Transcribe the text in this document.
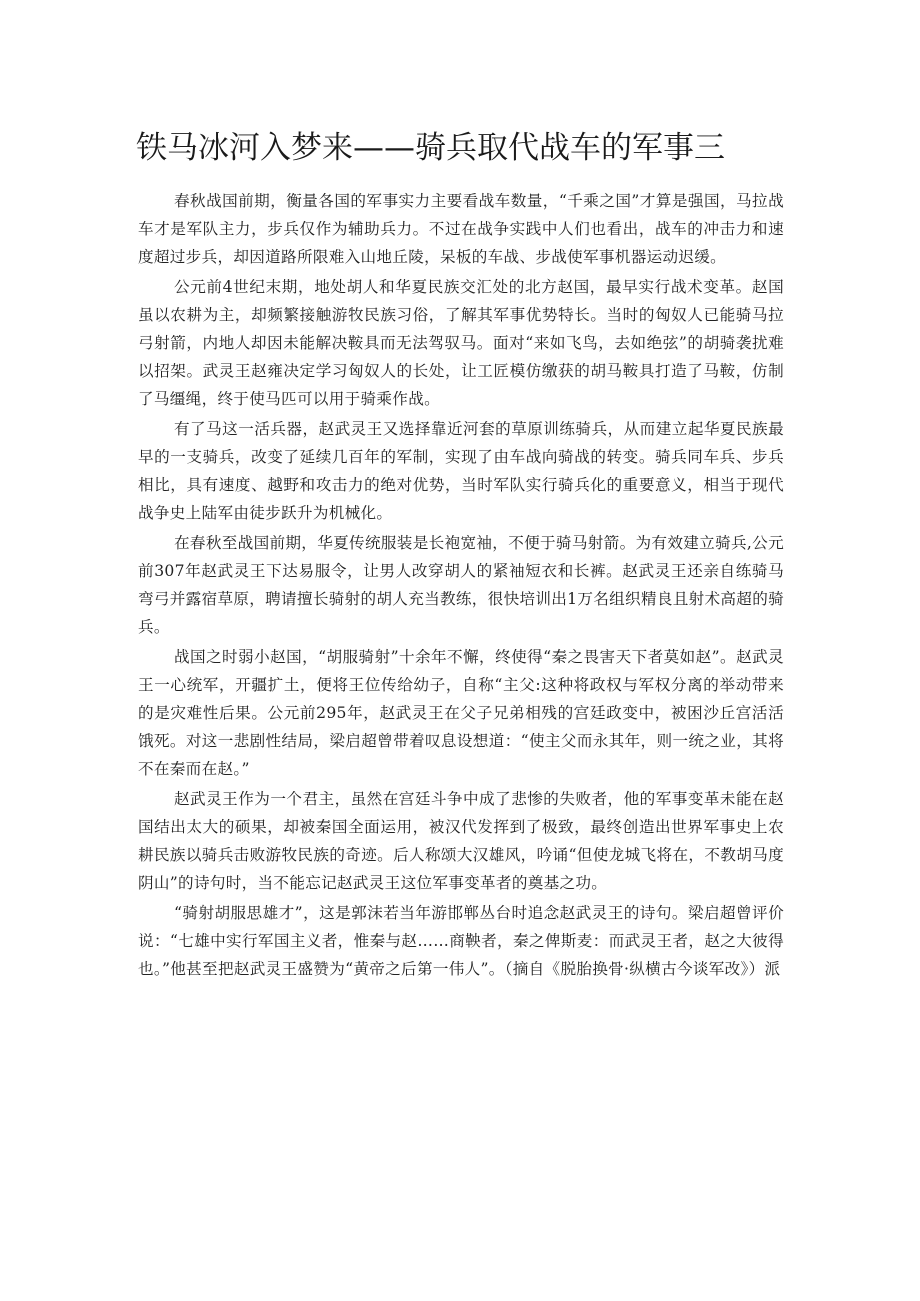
铁马冰河入梦来——骑兵取代战车的军事三

春秋战国前期，衡量各国的军事实力主要看战车数量，“千乘之国”才算是强国，马拉战车才是军队主力，步兵仅作为辅助兵力。不过在战争实践中人们也看出，战车的冲击力和速度超过步兵，却因道路所限难入山地丘陵，呆板的车战、步战使军事机器运动迟缓。

公元前4世纪末期，地处胡人和华夏民族交汇处的北方赵国，最早实行战术变革。赵国虽以农耕为主，却频繁接触游牧民族习俗，了解其军事优势特长。当时的匈奴人已能骑马拉弓射箭，内地人却因未能解决鞍具而无法驾驭马。面对“来如飞鸟，去如绝弦”的胡骑袭扰难以招架。武灵王赵雍决定学习匈奴人的长处，让工匠模仿缴获的胡马鞍具打造了马鞍，仿制了马缰绳，终于使马匹可以用于骑乘作战。

有了马这一活兵器，赵武灵王又选择靠近河套的草原训练骑兵，从而建立起华夏民族最早的一支骑兵，改变了延续几百年的军制，实现了由车战向骑战的转变。骑兵同车兵、步兵相比，具有速度、越野和攻击力的绝对优势，当时军队实行骑兵化的重要意义，相当于现代战争史上陆军由徒步跃升为机械化。

在春秋至战国前期，华夏传统服装是长袍宽袖，不便于骑马射箭。为有效建立骑兵,公元前307年赵武灵王下达易服令，让男人改穿胡人的紧袖短衣和长裤。赵武灵王还亲自练骑马弯弓并露宿草原，聘请擅长骑射的胡人充当教练，很快培训出1万名组织精良且射术高超的骑兵。

战国之时弱小赵国，“胡服骑射”十余年不懈，终使得“秦之畏害天下者莫如赵”。赵武灵王一心统军，开疆扩土，便将王位传给幼子，自称“主父:这种将政权与军权分离的举动带来的是灾难性后果。公元前295年，赵武灵王在父子兄弟相残的宫廷政变中，被困沙丘宫活活饿死。对这一悲剧性结局，梁启超曾带着叹息设想道：“使主父而永其年，则一统之业，其将不在秦而在赵。”

赵武灵王作为一个君主，虽然在宫廷斗争中成了悲惨的失败者，他的军事变革未能在赵国结出太大的硕果，却被秦国全面运用，被汉代发挥到了极致，最终创造出世界军事史上农耕民族以骑兵击败游牧民族的奇迹。后人称颂大汉雄风，吟诵“但使龙城飞将在，不教胡马度阴山”的诗句时，当不能忘记赵武灵王这位军事变革者的奠基之功。

“骑射胡服思雄才”，这是郭沫若当年游邯郸丛台时追念赵武灵王的诗句。梁启超曾评价说：“七雄中实行军国主义者，惟秦与赵……商鞅者，秦之俾斯麦：而武灵王者，赵之大彼得也。”他甚至把赵武灵王盛赞为“黄帝之后第一伟人”。（摘自《脱胎换骨·纵横古今谈军改》）派
